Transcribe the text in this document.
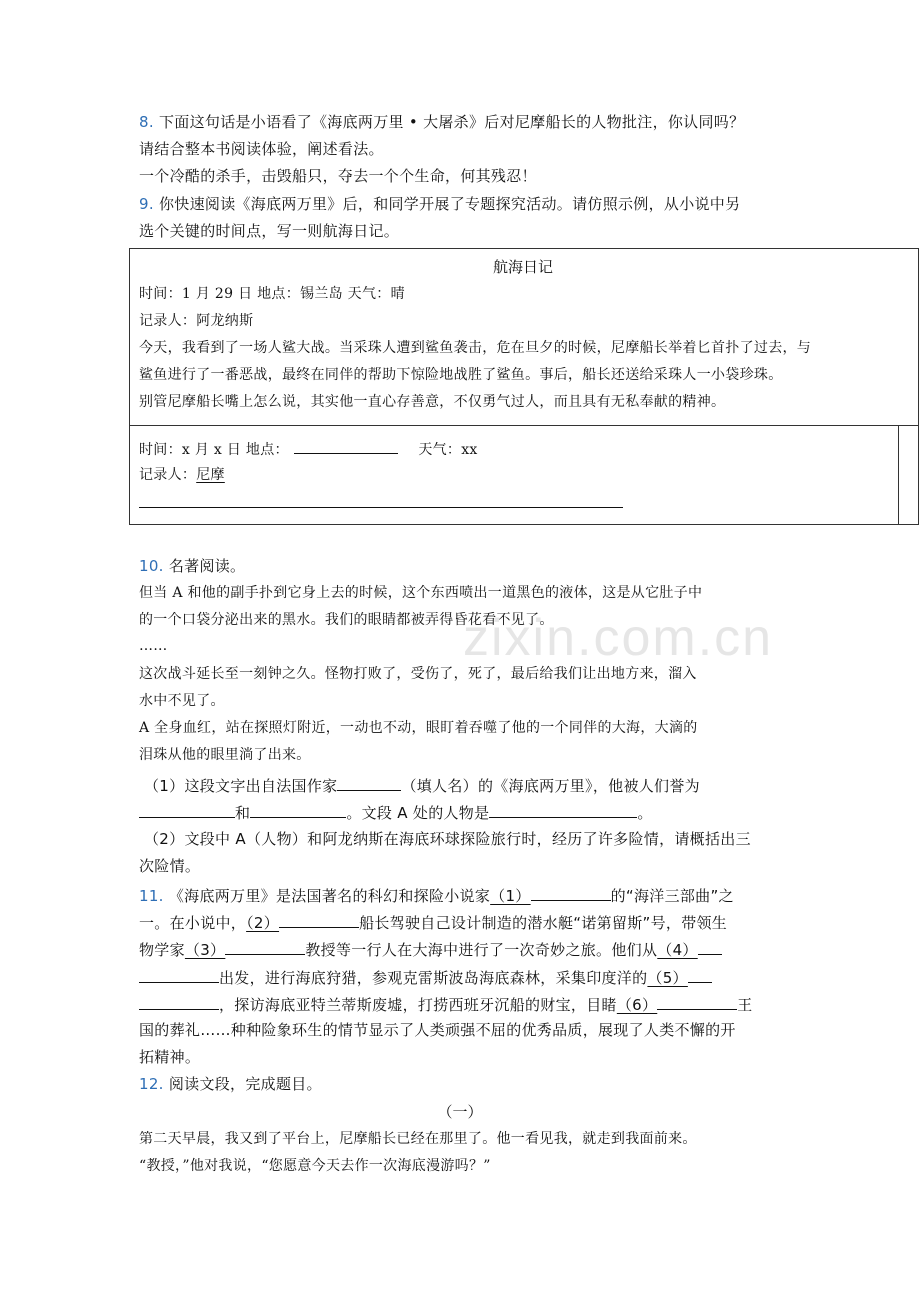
8. 下面这句话是小语看了《海底两万里 • 大屠杀》后对尼摩船长的人物批注，你认同吗？
请结合整本书阅读体验，阐述看法。
一个冷酷的杀手，击毁船只，夺去一个个生命，何其残忍！
9. 你快速阅读《海底两万里》后，和同学开展了专题探究活动。请仿照示例，从小说中另
选个关键的时间点，写一则航海日记。
航海日记
时间：1 月 29 日 地点：锡兰岛 天气：晴
记录人：阿龙纳斯
今天，我看到了一场人鲨大战。当采珠人遭到鲨鱼袭击，危在旦夕的时候，尼摩船长举着匕首扑了过去，与
鲨鱼进行了一番恶战，最终在同伴的帮助下惊险地战胜了鲨鱼。事后，船长还送给采珠人一小袋珍珠。
别管尼摩船长嘴上怎么说，其实他一直心存善意，不仅勇气过人，而且具有无私奉献的精神。
时间：x 月 x 日 地点：	天气：xx
记录人：尼摩
10. 名著阅读。
但当 A 和他的副手扑到它身上去的时候，这个东西喷出一道黑色的液体，这是从它肚子中
的一个口袋分泌出来的黑水。我们的眼睛都被弄得昏花看不见了。
……
这次战斗延长至一刻钟之久。怪物打败了，受伤了，死了，最后给我们让出地方来，溜入
水中不见了。
A 全身血红，站在探照灯附近，一动也不动，眼盯着吞噬了他的一个同伴的大海，大滴的
泪珠从他的眼里淌了出来。
（1）这段文字出自法国作家	（填人名）的《海底两万里》，他被人们誉为
和	。文段 A 处的人物是	。
（2）文段中 A（人物）和阿龙纳斯在海底环球探险旅行时，经历了许多险情，请概括出三
次险情。
11. 《海底两万里》是法国著名的科幻和探险小说家（1）	的“海洋三部曲”之
一。在小说中，（2）	船长驾驶自己设计制造的潜水艇“诺第留斯”号，带领生
物学家（3）	教授等一行人在大海中进行了一次奇妙之旅。他们从（4）
出发，进行海底狩猎，参观克雷斯波岛海底森林，采集印度洋的（5）
，探访海底亚特兰蒂斯废墟，打捞西班牙沉船的财宝，目睹（6）	王
国的葬礼……种种险象环生的情节显示了人类顽强不屈的优秀品质，展现了人类不懈的开
拓精神。
12. 阅读文段，完成题目。
（一）
第二天早晨，我又到了平台上，尼摩船长已经在那里了。他一看见我，就走到我面前来。
“教授，”他对我说，“您愿意今天去作一次海底漫游吗？”
zixin.com.cn
